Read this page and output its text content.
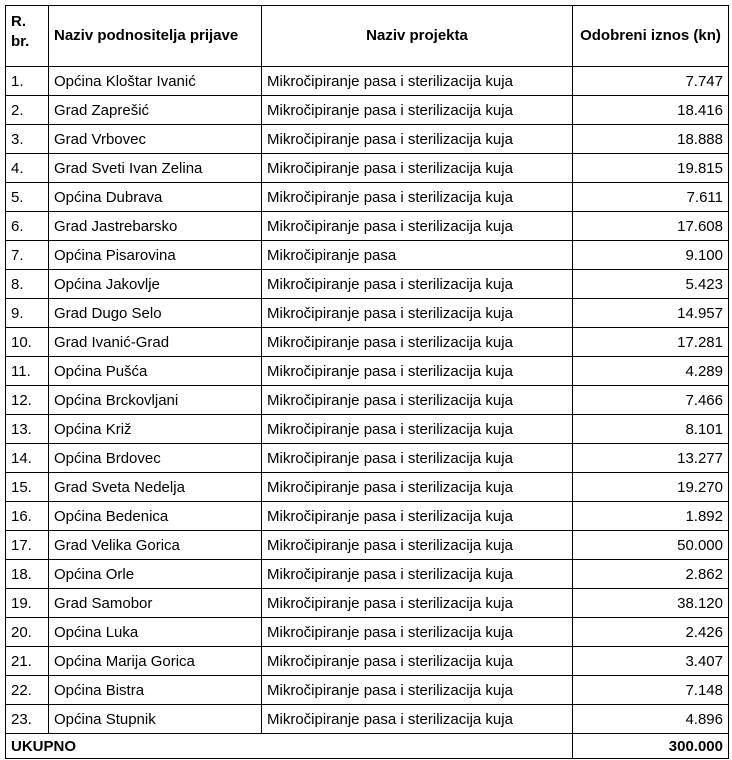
R.
br.	Naziv podnositelja prijave	Naziv projekta	Odobreni iznos (kn)
1.	Općina Kloštar Ivanić	Mikročipiranje pasa i sterilizacija kuja	7.747
2.	Grad Zaprešić	Mikročipiranje pasa i sterilizacija kuja	18.416
3.	Grad Vrbovec	Mikročipiranje pasa i sterilizacija kuja	18.888
4.	Grad Sveti Ivan Zelina	Mikročipiranje pasa i sterilizacija kuja	19.815
5.	Općina Dubrava	Mikročipiranje pasa i sterilizacija kuja	7.611
6.	Grad Jastrebarsko	Mikročipiranje pasa i sterilizacija kuja	17.608
7.	Općina Pisarovina	Mikročipiranje pasa	9.100
8.	Općina Jakovlje	Mikročipiranje pasa i sterilizacija kuja	5.423
9.	Grad Dugo Selo	Mikročipiranje pasa i sterilizacija kuja	14.957
10.	Grad Ivanić-Grad	Mikročipiranje pasa i sterilizacija kuja	17.281
11.	Općina Pušća	Mikročipiranje pasa i sterilizacija kuja	4.289
12.	Općina Brckovljani	Mikročipiranje pasa i sterilizacija kuja	7.466
13.	Općina Križ	Mikročipiranje pasa i sterilizacija kuja	8.101
14.	Općina Brdovec	Mikročipiranje pasa i sterilizacija kuja	13.277
15.	Grad Sveta Nedelja	Mikročipiranje pasa i sterilizacija kuja	19.270
16.	Općina Bedenica	Mikročipiranje pasa i sterilizacija kuja	1.892
17.	Grad Velika Gorica	Mikročipiranje pasa i sterilizacija kuja	50.000
18.	Općina Orle	Mikročipiranje pasa i sterilizacija kuja	2.862
19.	Grad Samobor	Mikročipiranje pasa i sterilizacija kuja	38.120
20.	Općina Luka	Mikročipiranje pasa i sterilizacija kuja	2.426
21.	Općina Marija Gorica	Mikročipiranje pasa i sterilizacija kuja	3.407
22.	Općina Bistra	Mikročipiranje pasa i sterilizacija kuja	7.148
23.	Općina Stupnik	Mikročipiranje pasa i sterilizacija kuja	4.896
UKUPNO			300.000
